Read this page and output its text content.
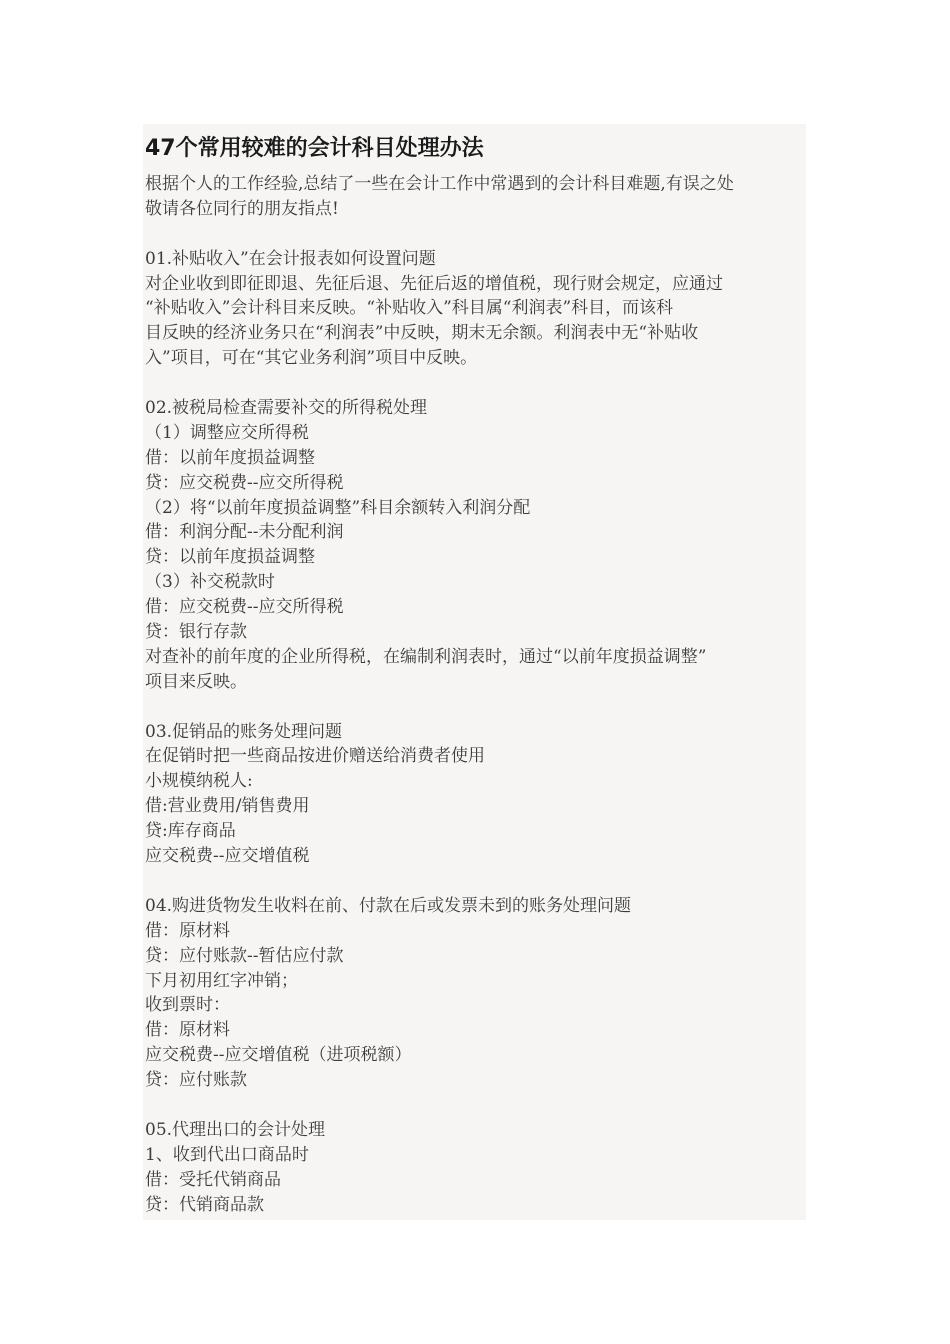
47个常用较难的会计科目处理办法
根据个人的工作经验,总结了一些在会计工作中常遇到的会计科目难题,有误之处
敬请各位同行的朋友指点!
01.补贴收入”在会计报表如何设置问题
对企业收到即征即退、先征后退、先征后返的增值税，现行财会规定，应通过
“补贴收入”会计科目来反映。“补贴收入”科目属“利润表”科目，而该科
目反映的经济业务只在“利润表”中反映，期末无余额。利润表中无“补贴收
入”项目，可在“其它业务利润”项目中反映。
02.被税局检查需要补交的所得税处理
（1）调整应交所得税
借：以前年度损益调整
贷：应交税费--应交所得税
（2）将“以前年度损益调整”科目余额转入利润分配
借：利润分配--未分配利润
贷：以前年度损益调整
（3）补交税款时
借：应交税费--应交所得税
贷：银行存款
对查补的前年度的企业所得税，在编制利润表时，通过“以前年度损益调整”
项目来反映。
03.促销品的账务处理问题
在促销时把一些商品按进价赠送给消费者使用
小规模纳税人:
借:营业费用/销售费用
贷:库存商品
应交税费--应交增值税
04.购进货物发生收料在前、付款在后或发票未到的账务处理问题
借：原材料
贷：应付账款--暂估应付款
下月初用红字冲销；
收到票时：
借：原材料
应交税费--应交增值税（进项税额）
贷：应付账款
05.代理出口的会计处理
1、收到代出口商品时
借：受托代销商品
贷：代销商品款
